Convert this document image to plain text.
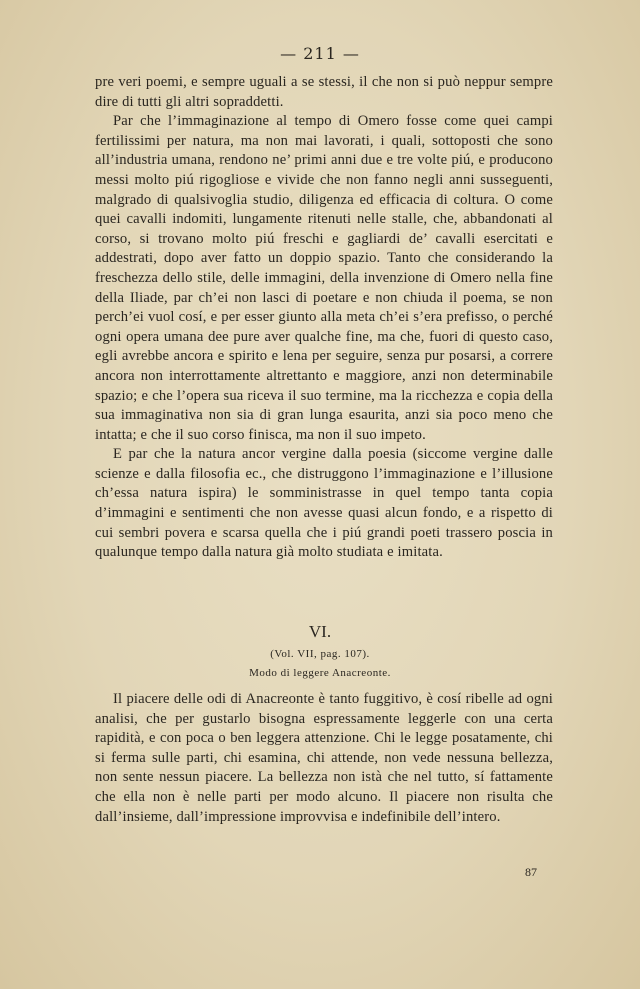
— 211 —

pre veri poemi, e sempre uguali a se stessi, il che non si può neppur sempre dire di tutti gli altri sopraddetti.

Par che l’immaginazione al tempo di Omero fosse come quei campi fertilissimi per natura, ma non mai lavorati, i quali, sottoposti che sono all’industria umana, rendono ne’ primi anni due e tre volte piú, e producono messi molto piú rigogliose e vivide che non fanno negli anni susseguenti, malgrado di qualsivoglia studio, diligenza ed efficacia di coltura. O come quei cavalli indomiti, lungamente ritenuti nelle stalle, che, abbandonati al corso, si trovano molto piú freschi e gagliardi de’ cavalli esercitati e addestrati, dopo aver fatto un doppio spazio. Tanto che considerando la freschezza dello stile, delle immagini, della invenzione di Omero nella fine della Iliade, par ch’ei non lasci di poetare e non chiuda il poema, se non perch’ei vuol cosí, e per esser giunto alla meta ch’ei s’era prefisso, o perché ogni opera umana dee pure aver qualche fine, ma che, fuori di questo caso, egli avrebbe ancora e spirito e lena per seguire, senza pur posarsi, a correre ancora non interrottamente altrettanto e maggiore, anzi non determinabile spazio; e che l’opera sua riceva il suo termine, ma la ricchezza e copia della sua immaginativa non sia di gran lunga esaurita, anzi sia poco meno che intatta; e che il suo corso finisca, ma non il suo impeto.

E par che la natura ancor vergine dalla poesia (siccome vergine dalle scienze e dalla filosofia ec., che distruggono l’immaginazione e l’illusione ch’essa natura ispira) le somministrasse in quel tempo tanta copia d’immagini e sentimenti che non avesse quasi alcun fondo, e a rispetto di cui sembri povera e scarsa quella che i piú grandi poeti trassero poscia in qualunque tempo dalla natura già molto studiata e imitata.

VI.
(Vol. VII, pag. 107).
Modo di leggere Anacreonte.

Il piacere delle odi di Anacreonte è tanto fuggitivo, è cosí ribelle ad ogni analisi, che per gustarlo bisogna espressamente leggerle con una certa rapidità, e con poca o ben leggera attenzione. Chi le legge posatamente, chi si ferma sulle parti, chi esamina, chi attende, non vede nessuna bellezza, non sente nessun piacere. La bellezza non istà che nel tutto, sí fattamente che ella non è nelle parti per modo alcuno. Il piacere non risulta che dall’insieme, dall’impressione improvvisa e indefinibile dell’intero.

87
